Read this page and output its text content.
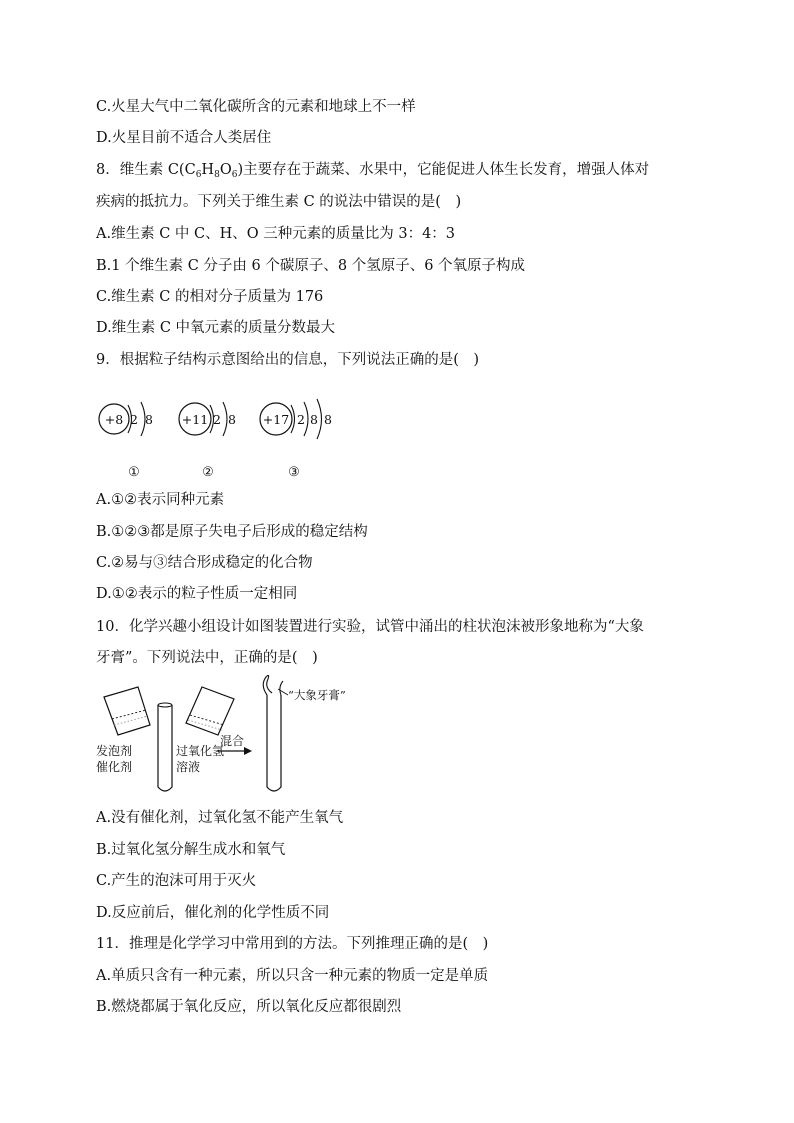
C.火星大气中二氧化碳所含的元素和地球上不一样
D.火星目前不适合人类居住
8．维生素 $C(C_6H_8O_6)$主要存在于蔬菜、水果中，它能促进人体生长发育，增强人体对
疾病的抵抗力。下列关于维生素 C 的说法中错误的是( )
A.维生素 C 中 C、H、O 三种元素的质量比为 3：4：3
B.1 个维生素 C 分子由 6 个碳原子、8 个氢原子、6 个氧原子构成
C.维生素 C 的相对分子质量为 176
D.维生素 C 中氧元素的质量分数最大
9．根据粒子结构示意图给出的信息，下列说法正确的是( )
+8 2 8
①
+11 2 8
②
+17 2 8 8
③
A.①②表示同种元素
B.①②③都是原子失电子后形成的稳定结构
C.②易与③结合形成稳定的化合物
D.①②表示的粒子性质一定相同
10．化学兴趣小组设计如图装置进行实验，试管中涌出的柱状泡沫被形象地称为“大象
牙膏”。下列说法中，正确的是( )
发泡剂
催化剂
过氧化氢
溶液
混合
“大象牙膏”
A.没有催化剂，过氧化氢不能产生氧气
B.过氧化氢分解生成水和氧气
C.产生的泡沫可用于灭火
D.反应前后，催化剂的化学性质不同
11．推理是化学学习中常用到的方法。下列推理正确的是( )
A.单质只含有一种元素，所以只含一种元素的物质一定是单质
B.燃烧都属于氧化反应，所以氧化反应都很剧烈
